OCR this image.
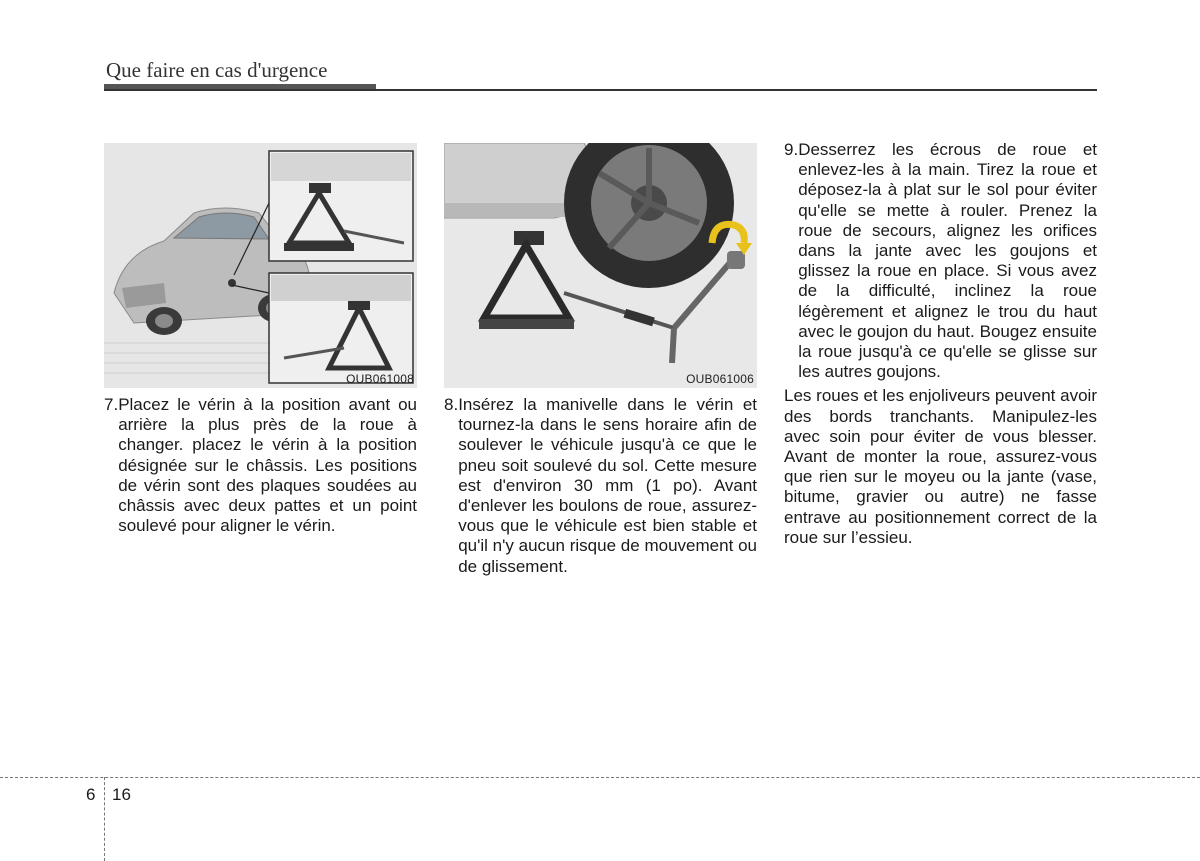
Que faire en cas d'urgence
OUB061008	OUB061006
7. Placez le vérin à la position avant ou arrière la plus près de la roue à changer. placez le vérin à la position désignée sur le châssis. Les positions de vérin sont des plaques soudées au châssis avec deux pattes et un point soulevé pour aligner le vérin.
8. Insérez la manivelle dans le vérin et tournez-la dans le sens horaire afin de soulever le véhicule jusqu'à ce que le pneu soit soulevé du sol. Cette mesure est d'environ 30 mm (1 po). Avant d'enlever les boulons de roue, assurez-vous que le véhicule est bien stable et qu'il n'y aucun risque de mouvement ou de glissement.
9. Desserrez les écrous de roue et enlevez-les à la main. Tirez la roue et déposez-la à plat sur le sol pour éviter qu'elle se mette à rouler. Prenez la roue de secours, alignez les orifices dans la jante avec les goujons et glissez la roue en place. Si vous avez de la difficulté, inclinez la roue légèrement et alignez le trou du haut avec le goujon du haut. Bougez ensuite la roue jusqu'à ce qu'elle se glisse sur les autres goujons.
Les roues et les enjoliveurs peuvent avoir des bords tranchants. Manipulez-les avec soin pour éviter de vous blesser. Avant de monter la roue, assurez-vous que rien sur le moyeu ou la jante (vase, bitume, gravier ou autre) ne fasse entrave au positionnement correct de la roue sur l’essieu.
6 16
